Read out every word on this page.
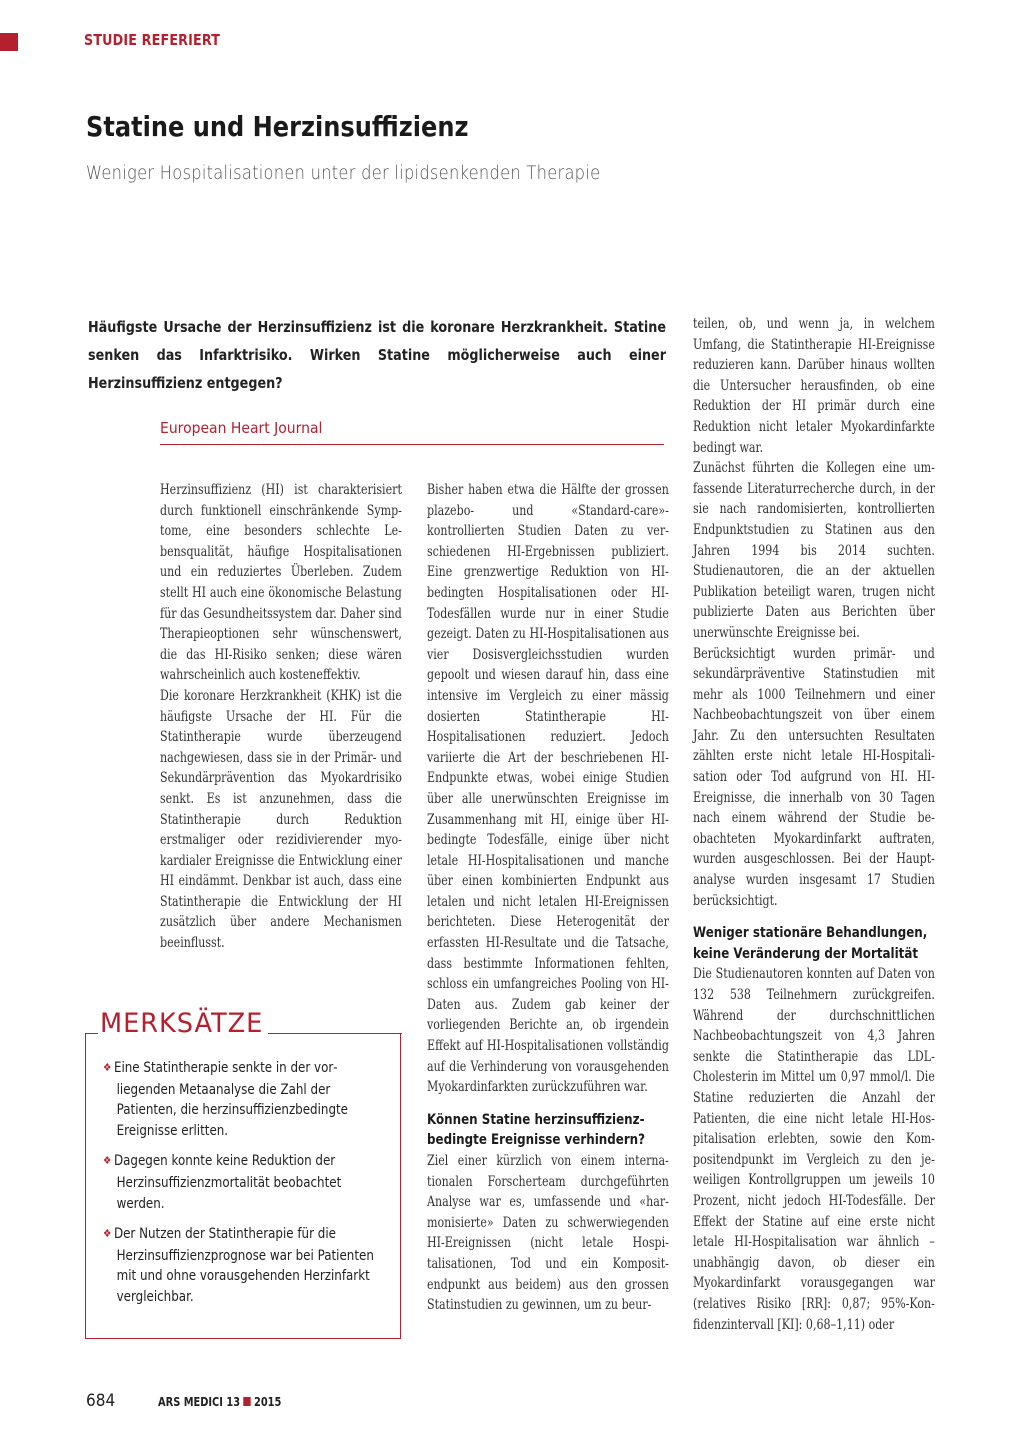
STUDIE REFERIERT
Statine und Herzinsuffizienz
Weniger Hospitalisationen unter der lipidsenkenden Therapie
Häufigste Ursache der Herzinsuffizienz ist die koronare Herzkrankheit. Statine senken das Infarktrisiko. Wirken Statine möglicherweise auch einer Herzinsuffizienz entgegen?
European Heart Journal

Herzinsuffizienz (HI) ist charakterisiert durch funktionell einschränkende Symptome, eine besonders schlechte Lebensqualität, häufige Hospitalisationen und ein reduziertes Überleben. Zudem stellt HI auch eine ökonomische Belastung für das Gesundheitssystem dar. Daher sind Therapieoptionen sehr wünschenswert, die das HI-Risiko senken; diese wären wahrscheinlich auch kosteneffektiv.

Die koronare Herzkrankheit (KHK) ist die häufigste Ursache der HI. Für die Statintherapie wurde überzeugend nachgewiesen, dass sie in der Primär- und Sekundärprävention das Myokardrisiko senkt. Es ist anzunehmen, dass die Statintherapie durch Reduktion erstmaliger oder rezidivierender myokardialer Ereignisse die Entwicklung einer HI eindämmt. Denkbar ist auch, dass eine Statintherapie die Entwicklung der HI zusätzlich über andere Mechanismen beeinflusst.

Bisher haben etwa die Hälfte der grossen plazebo- und «Standard-care»-kontrollierten Studien Daten zu verschiedenen HI-Ergebnissen publiziert. Eine grenzwertige Reduktion von HI-bedingten Hospitalisationen oder HI-Todesfällen wurde nur in einer Studie gezeigt. Daten zu HI-Hospitalisationen aus vier Dosisvergleichsstudien wurden gepoolt und wiesen darauf hin, dass eine intensive im Vergleich zu einer mässig dosierten Statintherapie HI-Hospitalisationen reduziert. Jedoch variierte die Art der beschriebenen HI-Endpunkte etwas, wobei einige Studien über alle unerwünschten Ereignisse im Zusammenhang mit HI, einige über HI-bedingte Todesfälle, einige über nicht letale HI-Hospitalisationen und manche über einen kombinierten Endpunkt aus letalen und nicht letalen HI-Ereignissen berichteten. Diese Heterogenität der erfassten HI-Resultate und die Tatsache, dass bestimmte Informationen fehlten, schloss ein umfangreiches Pooling von HI-Daten aus. Zudem gab keiner der vorliegenden Berichte an, ob irgendein Effekt auf HI-Hospitalisationen vollständig auf die Verhinderung von vorausgehenden Myokardinfarkten zurückzuführen war.

Können Statine herzinsuffizienzbedingte Ereignisse verhindern?

Ziel einer kürzlich von einem internationalen Forscherteam durchgeführten Analyse war es, umfassende und «harmonisierte» Daten zu schwerwiegenden HI-Ereignissen (nicht letale Hospitalisationen, Tod und ein Kompositendpunkt aus beidem) aus den grossen Statinstudien zu gewinnen, um zu beur-

teilen, ob, und wenn ja, in welchem Umfang, die Statintherapie HI-Ereignisse reduzieren kann. Darüber hinaus wollten die Untersucher herausfinden, ob eine Reduktion der HI primär durch eine Reduktion nicht letaler Myokardinfarkte bedingt war.

Zunächst führten die Kollegen eine umfassende Literaturrecherche durch, in der sie nach randomisierten, kontrollierten Endpunktstudien zu Statinen aus den Jahren 1994 bis 2014 suchten. Studienautoren, die an der aktuellen Publikation beteiligt waren, trugen nicht publizierte Daten aus Berichten über unerwünschte Ereignisse bei.

Berücksichtigt wurden primär- und sekundärpräventive Statinstudien mit mehr als 1000 Teilnehmern und einer Nachbeobachtungszeit von über einem Jahr. Zu den untersuchten Resultaten zählten erste nicht letale HI-Hospitalisation oder Tod aufgrund von HI. HI-Ereignisse, die innerhalb von 30 Tagen nach einem während der Studie beobachteten Myokardinfarkt auftraten, wurden ausgeschlossen. Bei der Hauptanalyse wurden insgesamt 17 Studien berücksichtigt.

Weniger stationäre Behandlungen, keine Veränderung der Mortalität

Die Studienautoren konnten auf Daten von 132 538 Teilnehmern zurückgreifen. Während der durchschnittlichen Nachbeobachtungszeit von 4,3 Jahren senkte die Statintherapie das LDL-Cholesterin im Mittel um 0,97 mmol/l. Die Statine reduzierten die Anzahl der Patienten, die eine nicht letale HI-Hospitalisation erlebten, sowie den Kompositendpunkt im Vergleich zu den jeweiligen Kontrollgruppen um jeweils 10 Prozent, nicht jedoch HI-Todesfälle. Der Effekt der Statine auf eine erste nicht letale HI-Hospitalisation war ähnlich – unabhängig davon, ob dieser ein Myokardinfarkt vorausgegangen war (relatives Risiko [RR]: 0,87; 95%-Konfidenzintervall [KI]: 0,68–1,11) oder

MERKSÄTZE
❖ Eine Statintherapie senkte in der vorliegenden Metaanalyse die Zahl der Patienten, die herzinsuffizienzbedingte Ereignisse erlitten.
❖ Dagegen konnte keine Reduktion der Herzinsuffizienzmortalität beobachtet werden.
❖ Der Nutzen der Statintherapie für die Herzinsuffizienzprognose war bei Patienten mit und ohne vorausgehenden Herzinfarkt vergleichbar.
684	ARS MEDICI 13 2015
